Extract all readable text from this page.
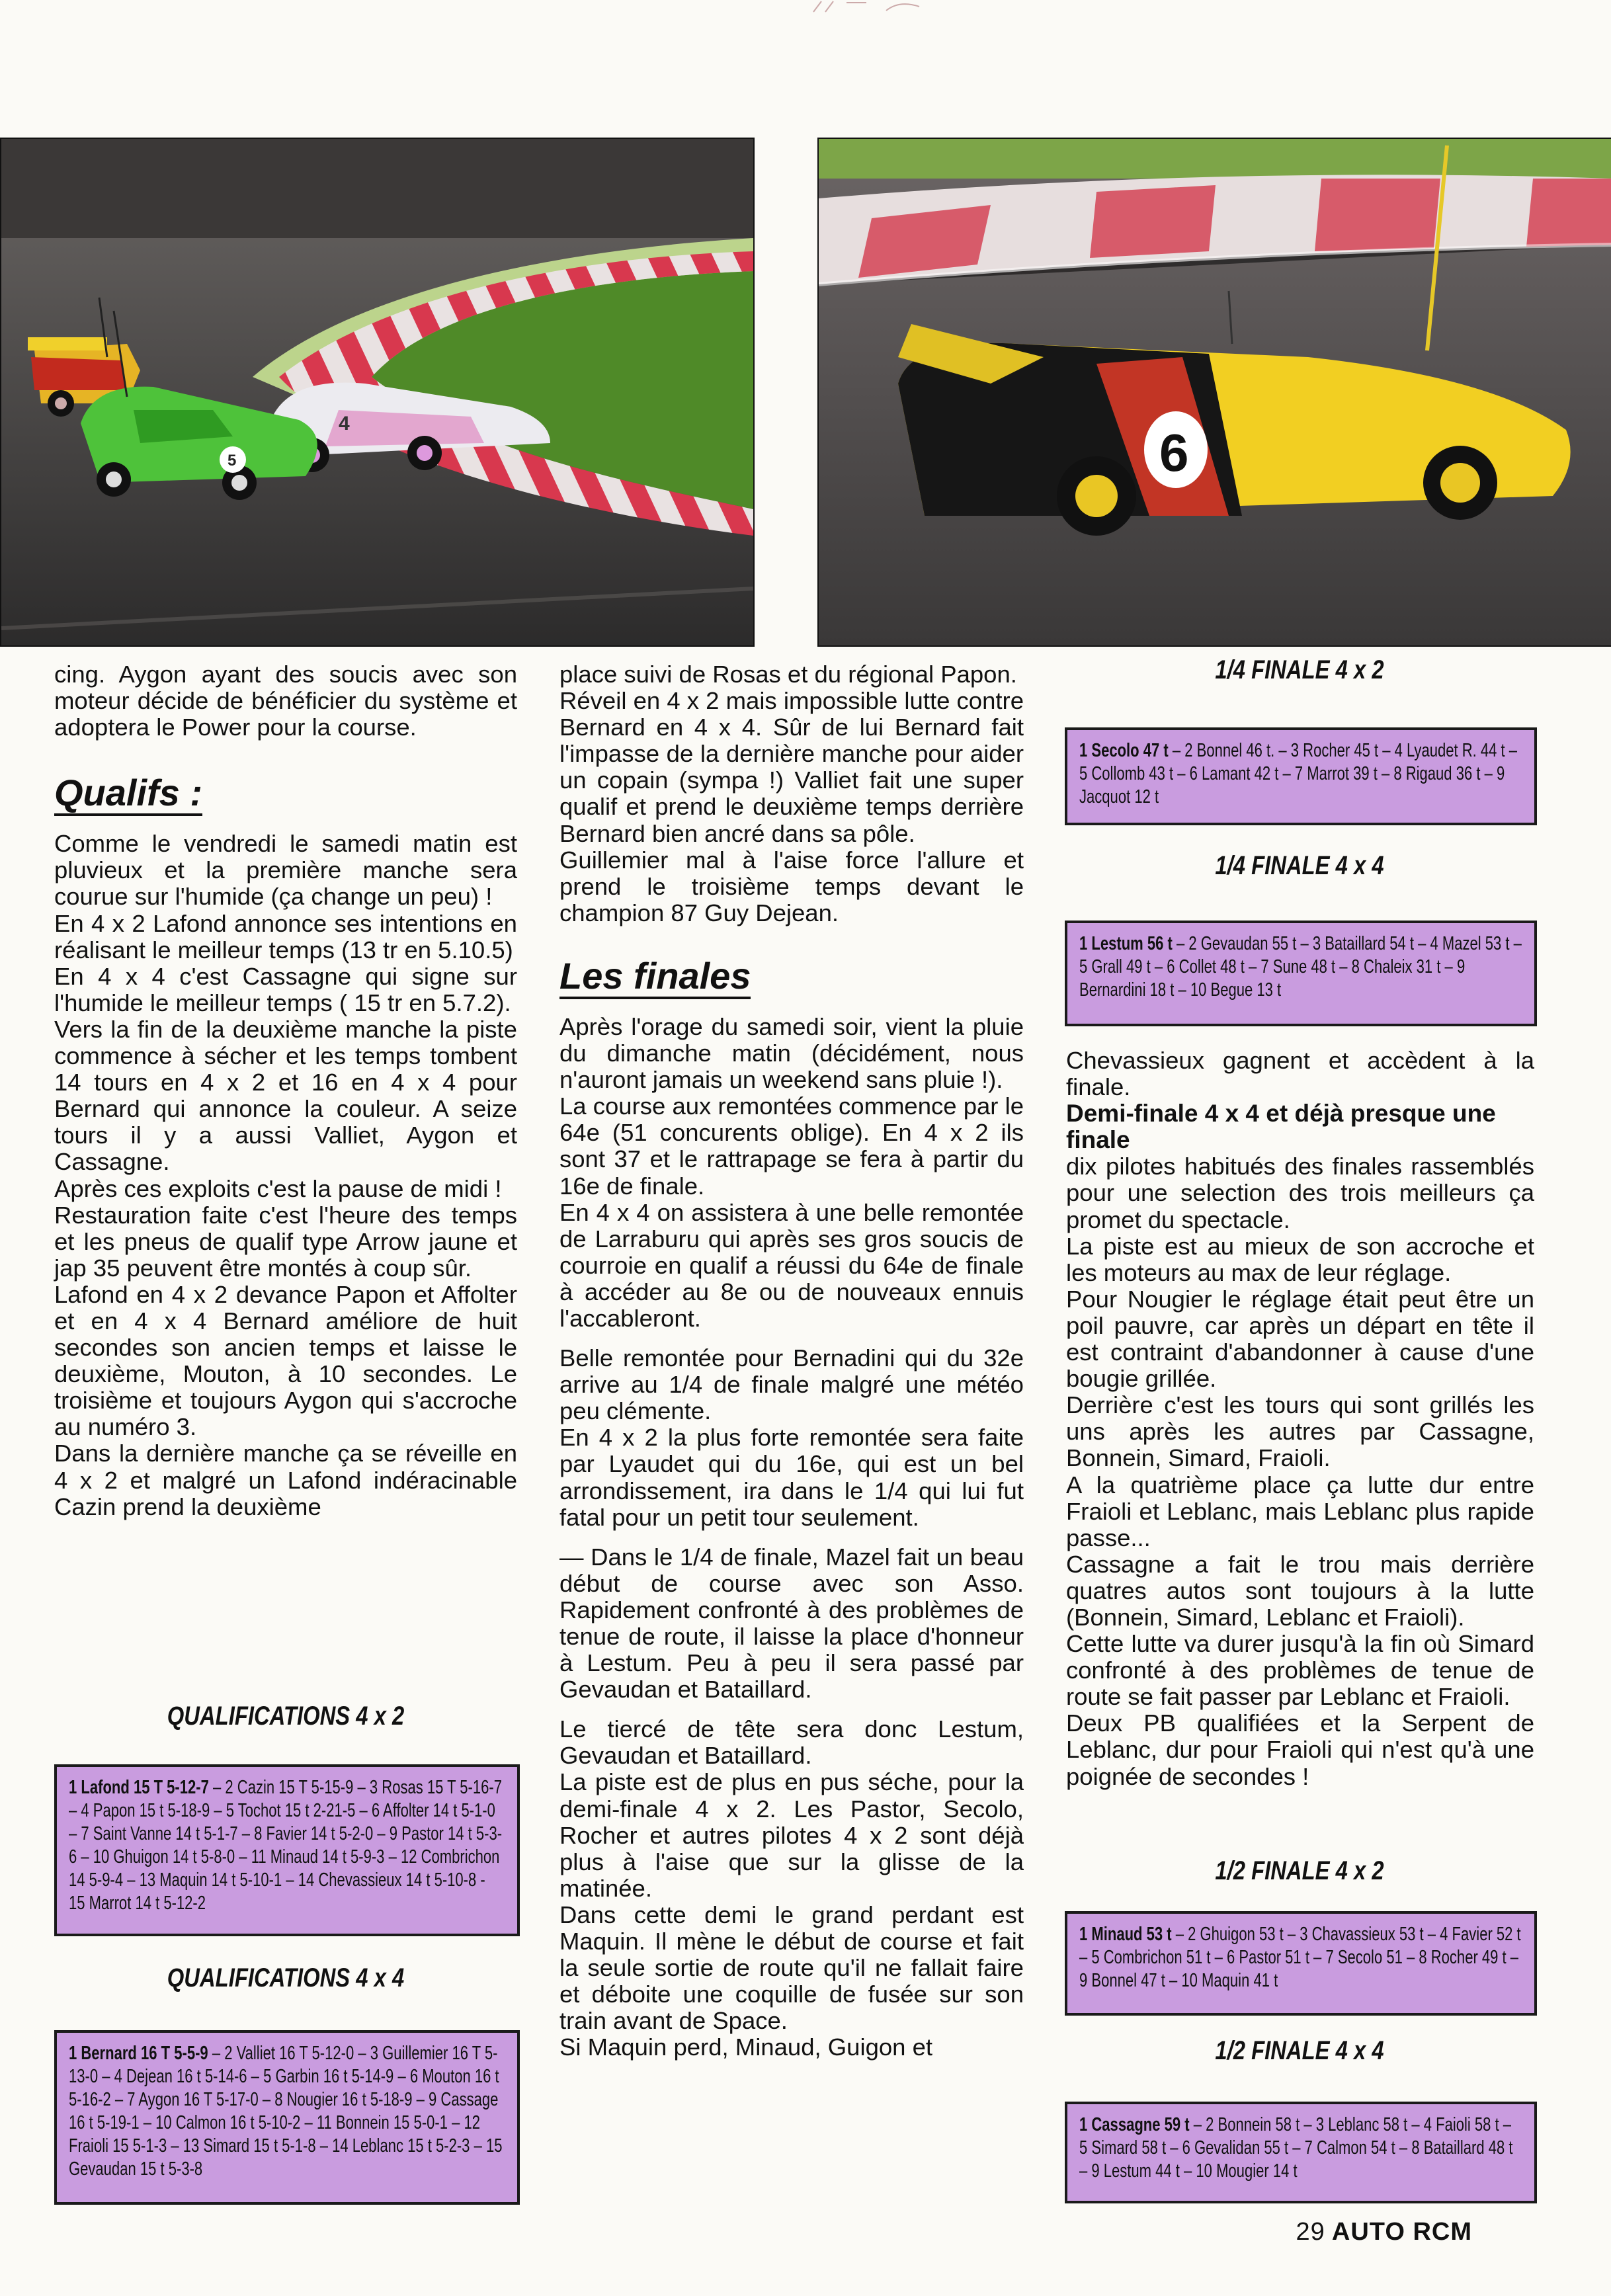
4
5	6

cing. Aygon ayant des soucis avec son moteur décide de bénéficier du système et adoptera le Power pour la course.

Qualifs :

Comme le vendredi le samedi matin est pluvieux et la première manche sera courue sur l'humide (ça change un peu) !

En 4 x 2 Lafond annonce ses intentions en réalisant le meilleur temps (13 tr en 5.10.5)

En 4 x 4 c'est Cassagne qui signe sur l'humide le meilleur temps ( 15 tr en 5.7.2).

Vers la fin de la deuxième manche la piste commence à sécher et les temps tombent 14 tours en 4 x 2 et 16 en 4 x 4 pour Bernard qui annonce la couleur. A seize tours il y a aussi Valliet, Aygon et Cassagne.

Après ces exploits c'est la pause de midi !

Restauration faite c'est l'heure des temps et les pneus de qualif type Arrow jaune et jap 35 peuvent être montés à coup sûr.

Lafond en 4 x 2 devance Papon et Affolter et en 4 x 4 Bernard améliore de huit secondes son ancien temps et laisse le deuxième, Mouton, à 10 secondes. Le troisième et toujours Aygon qui s'accroche au numéro 3.

Dans la dernière manche ça se réveille en 4 x 2 et malgré un Lafond indéracinable Cazin prend la deuxième

QUALIFICATIONS 4 x 2
1 Lafond 15 T 5-12-7 – 2 Cazin 15 T 5-15-9 – 3 Rosas 15 T 5-16-7 – 4 Papon 15 t 5-18-9 – 5 Tochot 15 t 2-21-5 – 6 Affolter 14 t 5-1-0 – 7 Saint Vanne 14 t 5-1-7 – 8 Favier 14 t 5-2-0 – 9 Pastor 14 t 5-3-6 – 10 Ghuigon 14 t 5-8-0 – 11 Minaud 14 t 5-9-3 – 12 Combrichon 14 5-9-4 – 13 Maquin 14 t 5-10-1 – 14 Chevassieux 14 t 5-10-8 - 15 Marrot 14 t 5-12-2
QUALIFICATIONS 4 x 4
1 Bernard 16 T 5-5-9 – 2 Valliet 16 T 5-12-0 – 3 Guillemier 16 T 5-13-0 – 4 Dejean 16 t 5-14-6 – 5 Garbin 16 t 5-14-9 – 6 Mouton 16 t 5-16-2 – 7 Aygon 16 T 5-17-0 – 8 Nougier 16 t 5-18-9 – 9 Cassage 16 t 5-19-1 – 10 Calmon 16 t 5-10-2 – 11 Bonnein 15 5-0-1 – 12 Fraioli 15 5-1-3 – 13 Simard 15 t 5-1-8 – 14 Leblanc 15 t 5-2-3 – 15 Gevaudan 15 t 5-3-8

place suivi de Rosas et du régional Papon.

Réveil en 4 x 2 mais impossible lutte contre Bernard en 4 x 4. Sûr de lui Bernard fait l'impasse de la dernière manche pour aider un copain (sympa !) Valliet fait une super qualif et prend le deuxième temps derrière Bernard bien ancré dans sa pôle.

Guillemier mal à l'aise force l'allure et prend le troisième temps devant le champion 87 Guy Dejean.

Les finales

Après l'orage du samedi soir, vient la pluie du dimanche matin (décidément, nous n'auront jamais un weekend sans pluie !).

La course aux remontées commence par le 64e (51 concurents oblige). En 4 x 2 ils sont 37 et le rattrapage se fera à partir du 16e de finale.

En 4 x 4 on assistera à une belle remontée de Larraburu qui après ses gros soucis de courroie en qualif a réussi du 64e de finale à accéder au 8e ou de nouveaux ennuis l'accableront.

Belle remontée pour Bernadini qui du 32e arrive au 1/4 de finale malgré une météo peu clémente.

En 4 x 2 la plus forte remontée sera faite par Lyaudet qui du 16e, qui est un bel arrondissement, ira dans le 1/4 qui lui fut fatal pour un petit tour seulement.

— Dans le 1/4 de finale, Mazel fait un beau début de course avec son Asso. Rapidement confronté à des problèmes de tenue de route, il laisse la place d'honneur à Lestum. Peu à peu il sera passé par Gevaudan et Bataillard.

Le tiercé de tête sera donc Lestum, Gevaudan et Bataillard.

La piste est de plus en pus séche, pour la demi-finale 4 x 2. Les Pastor, Secolo, Rocher et autres pilotes 4 x 2 sont déjà plus à l'aise que sur la glisse de la matinée.

Dans cette demi le grand perdant est Maquin. Il mène le début de course et fait la seule sortie de route qu'il ne fallait faire et déboite une coquille de fusée sur son train avant de Space.

Si Maquin perd, Minaud, Guigon et

1/4 FINALE 4 x 2
1 Secolo 47 t – 2 Bonnel 46 t. – 3 Rocher 45 t – 4 Lyaudet R. 44 t – 5 Collomb 43 t – 6 Lamant 42 t – 7 Marrot 39 t – 8 Rigaud 36 t – 9 Jacquot 12 t
1/4 FINALE 4 x 4
1 Lestum 56 t – 2 Gevaudan 55 t – 3 Bataillard 54 t – 4 Mazel 53 t – 5 Grall 49 t – 6 Collet 48 t – 7 Sune 48 t – 8 Chaleix 31 t – 9 Bernardini 18 t – 10 Begue 13 t

Chevassieux gagnent et accèdent à la finale.

Demi-finale 4 x 4 et déjà presque une finale

dix pilotes habitués des finales rassemblés pour une selection des trois meilleurs ça promet du spectacle.

La piste est au mieux de son accroche et les moteurs au max de leur réglage.

Pour Nougier le réglage était peut être un poil pauvre, car après un départ en tête il est contraint d'abandonner à cause d'une bougie grillée.

Derrière c'est les tours qui sont grillés les uns après les autres par Cassagne, Bonnein, Simard, Fraioli.

A la quatrième place ça lutte dur entre Fraioli et Leblanc, mais Leblanc plus rapide passe...

Cassagne a fait le trou mais derrière quatres autos sont toujours à la lutte (Bonnein, Simard, Leblanc et Fraioli).

Cette lutte va durer jusqu'à la fin où Simard confronté à des problèmes de tenue de route se fait passer par Leblanc et Fraioli.

Deux PB qualifiées et la Serpent de Leblanc, dur pour Fraioli qui n'est qu'à une poignée de secondes !

1/2 FINALE 4 x 2
1 Minaud 53 t – 2 Ghuigon 53 t – 3 Chavassieux 53 t – 4 Favier 52 t – 5 Combrichon 51 t – 6 Pastor 51 t – 7 Secolo 51 – 8 Rocher 49 t – 9 Bonnel 47 t – 10 Maquin 41 t
1/2 FINALE 4 x 4
1 Cassagne 59 t – 2 Bonnein 58 t – 3 Leblanc 58 t – 4 Faioli 58 t – 5 Simard 58 t – 6 Gevalidan 55 t – 7 Calmon 54 t – 8 Bataillard 48 t – 9 Lestum 44 t – 10 Mougier 14 t
29 AUTO RCM
